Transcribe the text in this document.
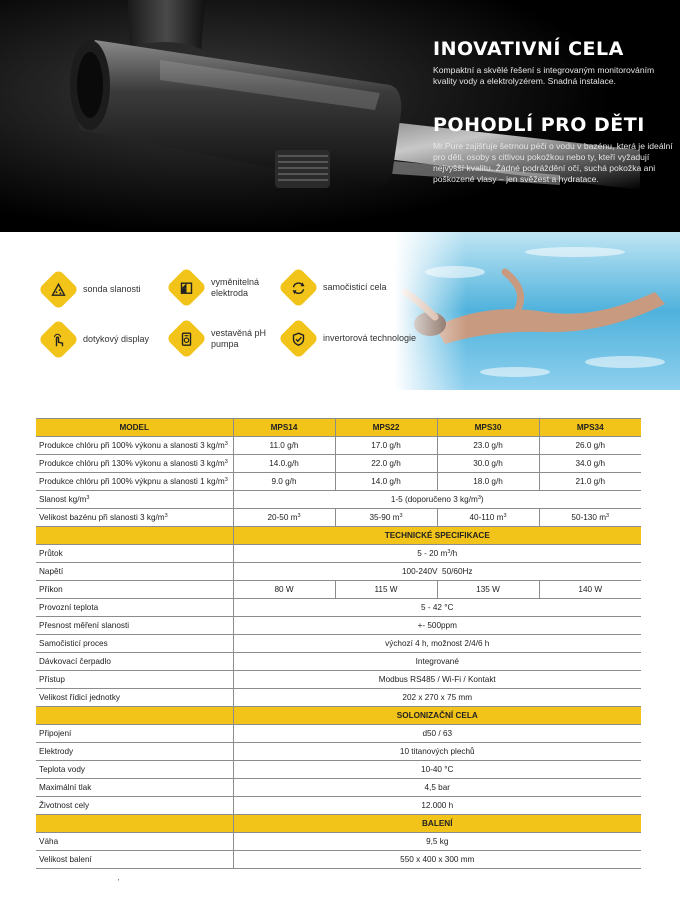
INOVATIVNÍ CELA

Kompaktní a skvělé řešení s integrovaným monitorováním kvality vody a elektrolyzérem. Snadná instalace.

POHODLÍ PRO DĚTI

Mr.Pure zajišťuje šetrnou péči o vodu v bazénu, která je ideální pro děti, osoby s citlivou pokožkou nebo ty, kteří vyžadují nejvyšší kvalitu. Žádné podráždění očí, suchá pokožka ani poškozené vlasy – jen svěžest a hydratace.

sonda slanosti
vyměnitelná
elektroda
samočisticí cela
dotykový display
vestavěná pH
pumpa
invertorová technologie
MODEL	MPS14	MPS22	MPS30	MPS34
Produkce chlóru při 100% výkonu a slanosti 3 $kg/m^3$	11.0 g/h	17.0 g/h	23.0 g/h	26.0 g/h
Produkce chlóru při 130% výkonu a slanosti 3 $kg/m^3$	14.0.g/h	22.0 g/h	30.0 g/h	34.0 g/h
Produkce chlóru při 100% výkpnu a slanosti 1 $kg/m^3$	9.0 g/h	14.0 g/h	18.0 g/h	21.0 g/h
Slanost $kg/m^3$	1-5 (doporučeno 3 $kg/m^3$)			
Velikost bazénu při slanosti 3 $kg/m^3$	20-50 $m^3$	35-90 $m^3$	40-110 $m^3$	50-130 $m^3$
	TECHNICKÉ SPECIFIKACE			
Průtok	5 - 20 $m^3/h$			
Napětí	100-240V  50/60Hz			
Příkon	80 W	115 W	135 W	140 W
Provozní teplota	5 - 42 °C			
Přesnost měření slanosti	+- 500ppm			
Samočisticí proces	výchozí 4 h, možnost 2/4/6 h			
Dávkovací čerpadlo	Integrované			
Přístup	Modbus RS485 / Wi-Fi / Kontakt			
Velikost řídicí jednotky	202 x 270 x 75 mm			
	SOLONIZAČNÍ CELA			
Připojení	d50 / 63			
Elektrody	10 titanových plechů			
Teplota vody	10-40 °C			
Maximální tlak	4,5 bar			
Životnost cely	12.000 h			
	BALENÍ			
Váha	9,5 kg			
Velikost balení	550 x 400 x 300 mm			
'
